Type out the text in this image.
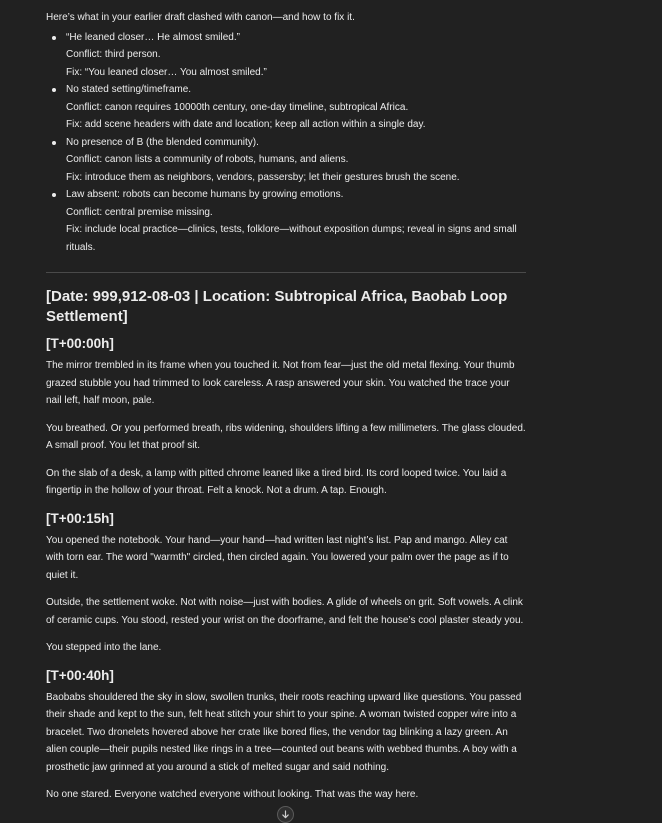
Here’s what in your earlier draft clashed with canon—and how to fix it.

“He leaned closer… He almost smiled.”

Conflict: third person.

Fix: “You leaned closer… You almost smiled.”

No stated setting/timeframe.

Conflict: canon requires 10000th century, one-day timeline, subtropical Africa.

Fix: add scene headers with date and location; keep all action within a single day.

No presence of B (the blended community).

Conflict: canon lists a community of robots, humans, and aliens.

Fix: introduce them as neighbors, vendors, passersby; let their gestures brush the scene.

Law absent: robots can become humans by growing emotions.

Conflict: central premise missing.

Fix: include local practice—clinics, tests, folklore—without exposition dumps; reveal in signs and small rituals.

[Date: 999,912-08-03 | Location: Subtropical Africa, Baobab Loop Settlement]
[T+00:00h]

The mirror trembled in its frame when you touched it. Not from fear—just the old metal flexing. Your thumb grazed stubble you had trimmed to look careless. A rasp answered your skin. You watched the trace your nail left, half moon, pale.

You breathed. Or you performed breath, ribs widening, shoulders lifting a few millimeters. The glass clouded. A small proof. You let that proof sit.

On the slab of a desk, a lamp with pitted chrome leaned like a tired bird. Its cord looped twice. You laid a fingertip in the hollow of your throat. Felt a knock. Not a drum. A tap. Enough.

[T+00:15h]

You opened the notebook. Your hand—your hand—had written last night’s list. Pap and mango. Alley cat with torn ear. The word "warmth" circled, then circled again. You lowered your palm over the page as if to quiet it.

Outside, the settlement woke. Not with noise—just with bodies. A glide of wheels on grit. Soft vowels. A clink of ceramic cups. You stood, rested your wrist on the doorframe, and felt the house’s cool plaster steady you.

You stepped into the lane.

[T+00:40h]

Baobabs shouldered the sky in slow, swollen trunks, their roots reaching upward like questions. You passed their shade and kept to the sun, felt heat stitch your shirt to your spine. A woman twisted copper wire into a bracelet. Two dronelets hovered above her crate like bored flies, the vendor tag blinking a lazy green. An alien couple—their pupils nested like rings in a tree—counted out beans with webbed thumbs. A boy with a prosthetic jaw grinned at you around a stick of melted sugar and said nothing.

No one stared. Everyone watched everyone without looking. That was the way here.
